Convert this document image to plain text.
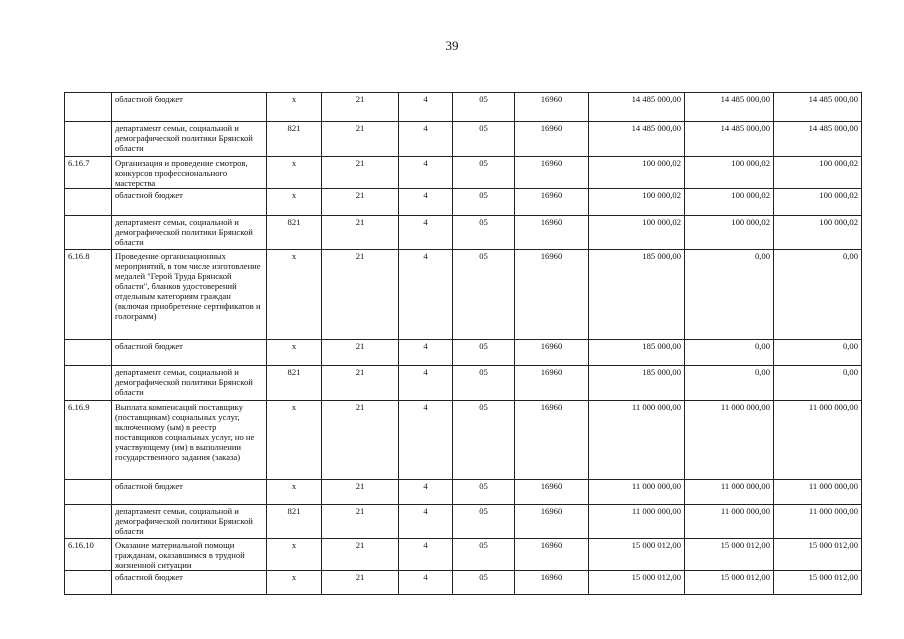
39
	областной бюджет	x	21	4	05	16960	14 485 000,00	14 485 000,00	14 485 000,00
	департамент семьи, социальной и демографической политики Брянской области	821	21	4	05	16960	14 485 000,00	14 485 000,00	14 485 000,00
6.16.7	Организация и проведение смотров, конкурсов профессионального мастерства	x	21	4	05	16960	100 000,02	100 000,02	100 000,02
	областной бюджет	x	21	4	05	16960	100 000,02	100 000,02	100 000,02
	департамент семьи, социальной и демографической политики Брянской области	821	21	4	05	16960	100 000,02	100 000,02	100 000,02
6.16.8	Проведение организационных мероприятий, в том числе изготовление медалей "Герой Труда Брянской области", бланков удостоверений отдельным категориям граждан (включая приобретение сертификатов и голограмм)	x	21	4	05	16960	185 000,00	0,00	0,00
	областной бюджет	x	21	4	05	16960	185 000,00	0,00	0,00
	департамент семьи, социальной и демографической политики Брянской области	821	21	4	05	16960	185 000,00	0,00	0,00
6.16.9	Выплата компенсаций поставщику (поставщикам) социальных услуг, включенному (ым) в реестр поставщиков социальных услуг, но не участвующему (им) в выполнении государственного задания (заказа)	x	21	4	05	16960	11 000 000,00	11 000 000,00	11 000 000,00
	областной бюджет	x	21	4	05	16960	11 000 000,00	11 000 000,00	11 000 000,00
	департамент семьи, социальной и демографической политики Брянской области	821	21	4	05	16960	11 000 000,00	11 000 000,00	11 000 000,00
6.16.10	Оказание материальной помощи гражданам, оказавшимся в трудной жизненной ситуации	x	21	4	05	16960	15 000 012,00	15 000 012,00	15 000 012,00
	областной бюджет	x	21	4	05	16960	15 000 012,00	15 000 012,00	15 000 012,00
